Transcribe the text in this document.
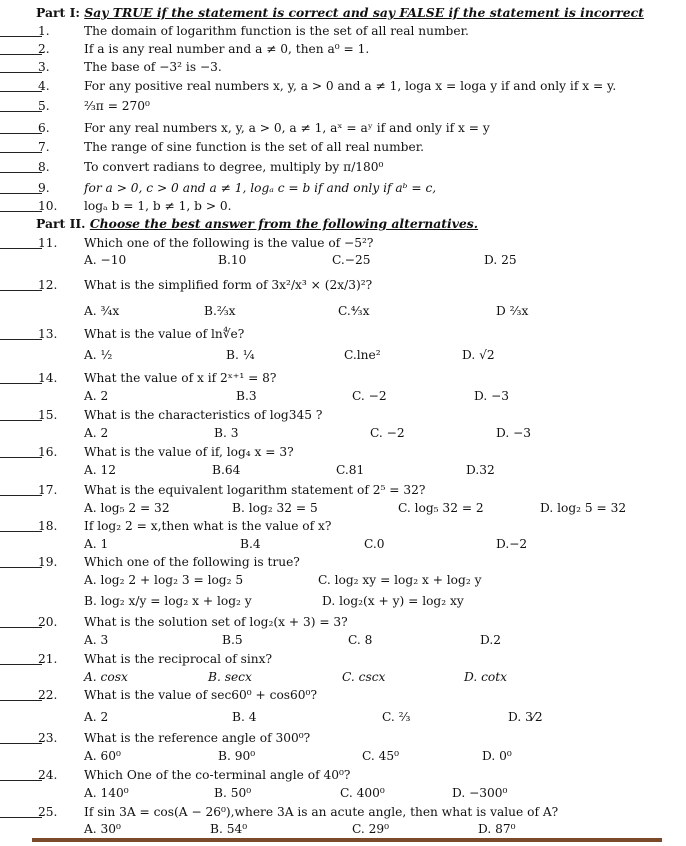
Part I: Say TRUE if the statement is correct and say FALSE if the statement is incorrect
1.	The domain of logarithm function is the set of all real number.
2.	If a is any real number and a ≠ 0, then a⁰ = 1.
3.	The base of −3² is −3.
4.	For any positive real numbers x, y, a > 0 and a ≠ 1, loga x = loga y if and only if x = y.
5.	²⁄₃π = 270⁰
6.	For any real numbers x, y, a > 0, a ≠ 1, aˣ = aʸ if and only if x = y
7.	The range of sine function is the set of all real number.
8.	To convert radians to degree, multiply by π/180⁰
9.	for a > 0, c > 0 and a ≠ 1, logₐ c = b if and only if aᵇ = c,
10. logₐ b = 1, b ≠ 1, b > 0.
Part II. Choose the best answer from the following alternatives.
11. Which one of the following is the value of −5²?
A. −10	B.10	C.−25	D. 25
12. What is the simplified form of 3x²/x³ × (2x/3)²?
A. ¾x	B.⅔x	C.⁴⁄₃x	D ⅔x
13. What is the value of ln∜e?
A. ½	B. ¼	C.lne²	D. √2
14. What the value of x if 2ˣ⁺¹ = 8?
A. 2	B.3	C. −2	D. −3
15. What is the characteristics of log345 ?
A. 2	B. 3	C. −2	D. −3
16. What is the value of if, log₄ x = 3?
A. 12	B.64	C.81	D.32
17. What is the equivalent logarithm statement of 2⁵ = 32?
A. log₅ 2 = 32	B. log₂ 32 = 5	C. log₅ 32 = 2	D. log₂ 5 = 32
18. If log₂ 2 = x,then what is the value of x?
A. 1	B.4	C.0	D.−2
19. Which one of the following is true?
A. log₂ 2 + log₂ 3 = log₂ 5	C. log₂ xy = log₂ x + log₂ y
B. log₂ x/y = log₂ x + log₂ y	D. log₂(x + y) = log₂ xy
20. What is the solution set of log₂(x + 3) = 3?
A. 3	B.5	C. 8	D.2
21. What is the reciprocal of sinx?
A. cosx	B. secx	C. cscx	D. cotx
22. What is the value of sec60⁰ + cos60⁰?
A. 2	B. 4	C. ⅔	D. 3⁄2
23. What is the reference angle of 300⁰?
A. 60⁰	B. 90⁰	C. 45⁰	D. 0⁰
24. Which One of the co-terminal angle of 40⁰?
A. 140⁰	B. 50⁰	C. 400⁰	D. −300⁰
25. If sin 3A = cos(A − 26⁰),where 3A is an acute angle, then what is value of A?
A. 30⁰	B. 54⁰	C. 29⁰	D. 87⁰
